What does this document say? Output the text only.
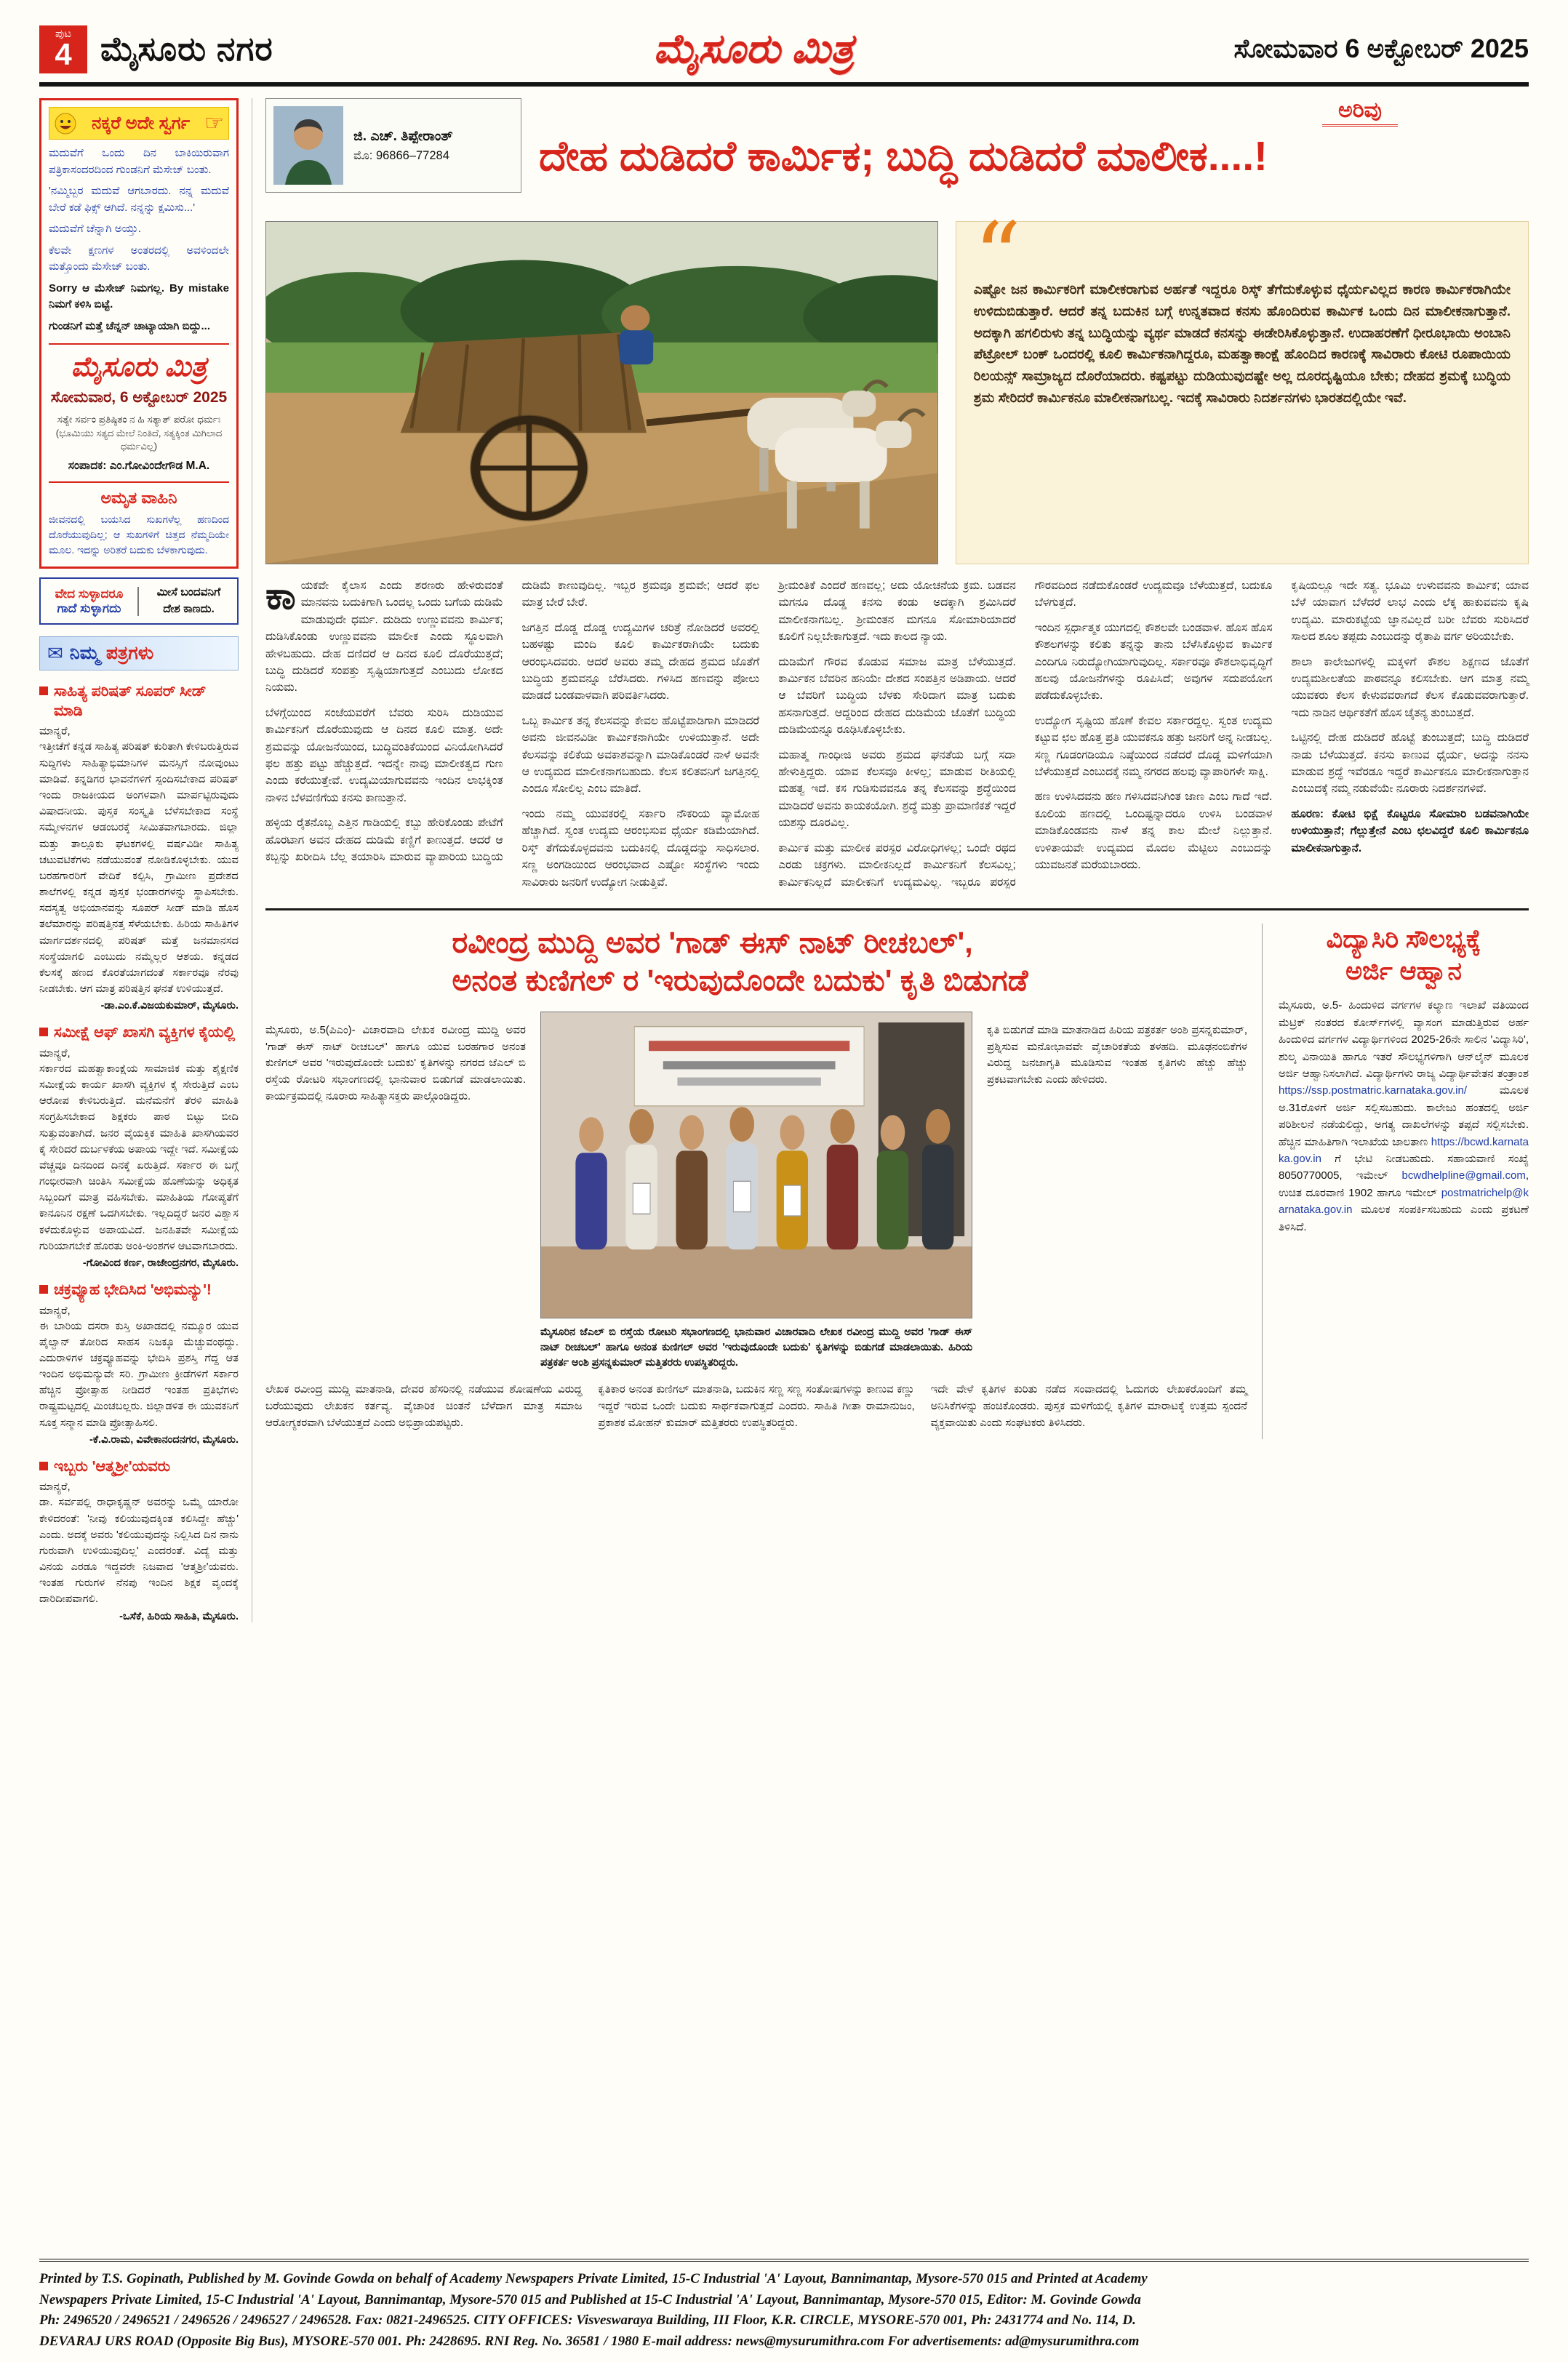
ಪುಟ
4 ಮೈಸೂರು ನಗರ	ಮೈಸೂರು ಮಿತ್ರ	ಸೋಮವಾರ 6 ಅಕ್ಟೋಬರ್ 2025
ನಕ್ಕರೆ ಅದೇ ಸ್ವರ್ಗ
☞

ಮದುವೆಗೆ ಒಂದು ದಿನ ಬಾಕಿಯಿರುವಾಗ ಪತ್ರಿಕಾಸಂದರದಿಂದ ಗುಂಡನಿಗೆ ಮೆಸೇಜ್ ಬಂತು.

'ನಮ್ಮಿಬ್ಬರ ಮದುವೆ ಆಗಬಾರದು. ನನ್ನ ಮದುವೆ ಬೇರೆ ಕಡೆ ಫಿಕ್ಸ್ ಆಗಿದೆ. ನನ್ನನ್ನು ಕ್ಷಮಿಸು...'

ಮದುವೆಗೆ ಚೆನ್ನಾಗಿ ಅಯ್ತು.

ಕೆಲವೇ ಕ್ಷಣಗಳ ಅಂತರದಲ್ಲಿ ಅವಳಿಂದಲೇ ಮತ್ತೊಂದು ಮೆಸೇಜ್ ಬಂತು.

Sorry ಆ ಮೆಸೇಜ್ ನಿಮಗಲ್ಲ. By mistake ನಿಮಗೆ ಕಳಿಸಿ ಬಿಟ್ಟೆ.

ಗುಂಡನಿಗೆ ಮತ್ತೆ ಚೆನ್ನನ್ ಚಾಟ್ಯಾಯಾಗಿ ಬಿದ್ದು...

ಮೈಸೂರು ಮಿತ್ರ
ಸೋಮವಾರ, 6 ಅಕ್ಟೋಬರ್ 2025
ಸತ್ಯೇ ಸರ್ವಂ ಪ್ರತಿಷ್ಠಿತಂ ನ ಹಿ ಸತ್ಯಾತ್ ಪರೋ ಧರ್ಮಃ
(ಭೂಮಿಯು ಸತ್ಯದ ಮೇಲೆ ನಿಂತಿದೆ, ಸತ್ಯಕ್ಕಿಂತ ಮಿಗಿಲಾದ ಧರ್ಮವಿಲ್ಲ)
ಸಂಪಾದಕ: ಎಂ.ಗೋವಿಂದೇಗೌಡ M.A.
ಅಮೃತ ವಾಹಿನಿ
ಜೀವನದಲ್ಲಿ ಬಯಸಿದ ಸುಖಗಳೆಲ್ಲ ಹಣದಿಂದ ದೊರೆಯುವುದಿಲ್ಲ; ಆ ಸುಖಗಳಿಗೆ ಚಿತ್ತದ ನೆಮ್ಮದಿಯೇ ಮೂಲ. ಇದನ್ನು ಅರಿತರೆ ಬದುಕು ಬೆಳಕಾಗುವುದು.
ವೇದ ಸುಳ್ಳಾದರೂ
ಗಾದೆ ಸುಳ್ಳಾಗದು
ಮೀಸೆ ಬಂದವನಿಗೆ
ದೇಶ ಕಾಣದು.
✉
ನಿಮ್ಮ ಪತ್ರಗಳು
ಸಾಹಿತ್ಯ ಪರಿಷತ್ ಸೂಪರ್ ಸೀಡ್ ಮಾಡಿ
ಮಾನ್ಯರೆ,
ಇತ್ತೀಚೆಗೆ ಕನ್ನಡ ಸಾಹಿತ್ಯ ಪರಿಷತ್ ಕುರಿತಾಗಿ ಕೇಳಿಬರುತ್ತಿರುವ ಸುದ್ದಿಗಳು ಸಾಹಿತ್ಯಾಭಿಮಾನಿಗಳ ಮನಸ್ಸಿಗೆ ನೋವುಂಟು ಮಾಡಿವೆ. ಕನ್ನಡಿಗರ ಭಾವನೆಗಳಿಗೆ ಸ್ಪಂದಿಸಬೇಕಾದ ಪರಿಷತ್ ಇಂದು ರಾಜಕೀಯದ ಅಂಗಳವಾಗಿ ಮಾರ್ಪಟ್ಟಿರುವುದು ವಿಷಾದನೀಯ. ಪುಸ್ತಕ ಸಂಸ್ಕೃತಿ ಬೆಳೆಸಬೇಕಾದ ಸಂಸ್ಥೆ ಸಮ್ಮೇಳನಗಳ ಆಡಂಬರಕ್ಕೆ ಸೀಮಿತವಾಗಬಾರದು. ಜಿಲ್ಲಾ ಮತ್ತು ತಾಲ್ಲೂಕು ಘಟಕಗಳಲ್ಲಿ ವರ್ಷವಿಡೀ ಸಾಹಿತ್ಯ ಚಟುವಟಿಕೆಗಳು ನಡೆಯುವಂತೆ ನೋಡಿಕೊಳ್ಳಬೇಕು. ಯುವ ಬರಹಗಾರರಿಗೆ ವೇದಿಕೆ ಕಲ್ಪಿಸಿ, ಗ್ರಾಮೀಣ ಪ್ರದೇಶದ ಶಾಲೆಗಳಲ್ಲಿ ಕನ್ನಡ ಪುಸ್ತಕ ಭಂಡಾರಗಳನ್ನು ಸ್ಥಾಪಿಸಬೇಕು. ಸದಸ್ಯತ್ವ ಅಭಿಯಾನವನ್ನು ಸೂಪರ್ ಸೀಡ್ ಮಾಡಿ ಹೊಸ ತಲೆಮಾರನ್ನು ಪರಿಷತ್ತಿನತ್ತ ಸೆಳೆಯಬೇಕು. ಹಿರಿಯ ಸಾಹಿತಿಗಳ ಮಾರ್ಗದರ್ಶನದಲ್ಲಿ ಪರಿಷತ್ ಮತ್ತೆ ಜನಮಾನಸದ ಸಂಸ್ಥೆಯಾಗಲಿ ಎಂಬುದು ನಮ್ಮೆಲ್ಲರ ಆಶಯ. ಕನ್ನಡದ ಕೆಲಸಕ್ಕೆ ಹಣದ ಕೊರತೆಯಾಗದಂತೆ ಸರ್ಕಾರವೂ ನೆರವು ನೀಡಬೇಕು. ಆಗ ಮಾತ್ರ ಪರಿಷತ್ತಿನ ಘನತೆ ಉಳಿಯುತ್ತದೆ.
-ಡಾ.ಎಂ.ಕೆ.ವಿಜಯಕುಮಾರ್, ಮೈಸೂರು.
ಸಮೀಕ್ಷೆ ಆಫ್ ಖಾಸಗಿ ವ್ಯಕ್ತಿಗಳ ಕೈಯಲ್ಲಿ
ಮಾನ್ಯರೆ,
ಸರ್ಕಾರದ ಮಹತ್ವಾಕಾಂಕ್ಷೆಯ ಸಾಮಾಜಿಕ ಮತ್ತು ಶೈಕ್ಷಣಿಕ ಸಮೀಕ್ಷೆಯ ಕಾರ್ಯ ಖಾಸಗಿ ವ್ಯಕ್ತಿಗಳ ಕೈ ಸೇರುತ್ತಿದೆ ಎಂಬ ಆರೋಪ ಕೇಳಿಬರುತ್ತಿದೆ. ಮನೆಮನೆಗೆ ತೆರಳಿ ಮಾಹಿತಿ ಸಂಗ್ರಹಿಸಬೇಕಾದ ಶಿಕ್ಷಕರು ಪಾಠ ಬಿಟ್ಟು ಬೀದಿ ಸುತ್ತುವಂತಾಗಿದೆ. ಜನರ ವೈಯಕ್ತಿಕ ಮಾಹಿತಿ ಖಾಸಗಿಯವರ ಕೈ ಸೇರಿದರೆ ದುರ್ಬಳಕೆಯ ಅಪಾಯ ಇದ್ದೇ ಇದೆ. ಸಮೀಕ್ಷೆಯ ವೆಚ್ಚವೂ ದಿನದಿಂದ ದಿನಕ್ಕೆ ಏರುತ್ತಿದೆ. ಸರ್ಕಾರ ಈ ಬಗ್ಗೆ ಗಂಭೀರವಾಗಿ ಚಿಂತಿಸಿ ಸಮೀಕ್ಷೆಯ ಹೊಣೆಯನ್ನು ಅಧಿಕೃತ ಸಿಬ್ಬಂದಿಗೆ ಮಾತ್ರ ವಹಿಸಬೇಕು. ಮಾಹಿತಿಯ ಗೋಪ್ಯತೆಗೆ ಕಾನೂನಿನ ರಕ್ಷಣೆ ಒದಗಿಸಬೇಕು. ಇಲ್ಲದಿದ್ದರೆ ಜನರ ವಿಶ್ವಾಸ ಕಳೆದುಕೊಳ್ಳುವ ಅಪಾಯವಿದೆ. ಜನಹಿತವೇ ಸಮೀಕ್ಷೆಯ ಗುರಿಯಾಗಬೇಕೆ ಹೊರತು ಅಂಕಿ-ಅಂಶಗಳ ಆಟವಾಗಬಾರದು.
-ಗೋವಿಂದ ಕರ್ಣ, ರಾಜೇಂದ್ರನಗರ, ಮೈಸೂರು.
ಚಕ್ರವ್ಯೂಹ ಭೇದಿಸಿದ 'ಅಭಿಮನ್ಯು'!
ಮಾನ್ಯರೆ,
ಈ ಬಾರಿಯ ದಸರಾ ಕುಸ್ತಿ ಅಖಾಡದಲ್ಲಿ ನಮ್ಮೂರ ಯುವ ಪೈಲ್ವಾನ್ ತೋರಿದ ಸಾಹಸ ನಿಜಕ್ಕೂ ಮೆಚ್ಚುವಂಥದ್ದು. ಎದುರಾಳಿಗಳ ಚಕ್ರವ್ಯೂಹವನ್ನು ಭೇದಿಸಿ ಪ್ರಶಸ್ತಿ ಗೆದ್ದ ಆತ ಇಂದಿನ ಅಭಿಮನ್ಯುವೇ ಸರಿ. ಗ್ರಾಮೀಣ ಕ್ರೀಡೆಗಳಿಗೆ ಸರ್ಕಾರ ಹೆಚ್ಚಿನ ಪ್ರೋತ್ಸಾಹ ನೀಡಿದರೆ ಇಂತಹ ಪ್ರತಿಭೆಗಳು ರಾಷ್ಟ್ರಮಟ್ಟದಲ್ಲಿ ಮಿಂಚಬಲ್ಲರು. ಜಿಲ್ಲಾಡಳಿತ ಈ ಯುವಕನಿಗೆ ಸೂಕ್ತ ಸನ್ಮಾನ ಮಾಡಿ ಪ್ರೋತ್ಸಾಹಿಸಲಿ.
-ಕೆ.ವಿ.ರಾಮ, ವಿವೇಕಾನಂದನಗರ, ಮೈಸೂರು.
ಇಬ್ಬರು 'ಆತ್ಮಶ್ರೀ'ಯವರು
ಮಾನ್ಯರೆ,
ಡಾ. ಸರ್ವಪಲ್ಲಿ ರಾಧಾಕೃಷ್ಣನ್ ಅವರನ್ನು ಒಮ್ಮೆ ಯಾರೋ ಕೇಳಿದರಂತೆ: 'ನೀವು ಕಲಿಯುವುದಕ್ಕಿಂತ ಕಲಿಸಿದ್ದೇ ಹೆಚ್ಚು' ಎಂದು. ಅದಕ್ಕೆ ಅವರು 'ಕಲಿಯುವುದನ್ನು ನಿಲ್ಲಿಸಿದ ದಿನ ನಾನು ಗುರುವಾಗಿ ಉಳಿಯುವುದಿಲ್ಲ' ಎಂದರಂತೆ. ವಿದ್ಯೆ ಮತ್ತು ವಿನಯ ಎರಡೂ ಇದ್ದವರೇ ನಿಜವಾದ 'ಆತ್ಮಶ್ರೀ'ಯವರು. ಇಂತಹ ಗುರುಗಳ ನೆನಪು ಇಂದಿನ ಶಿಕ್ಷಕ ವೃಂದಕ್ಕೆ ದಾರಿದೀಪವಾಗಲಿ.
-ಒಸೆಕೆ, ಹಿರಿಯ ಸಾಹಿತಿ, ಮೈಸೂರು.
ಜಿ. ಎಚ್. ತಿಪ್ಪೇರಾಂತ್
ಮೊ: 96866–77284
ಅರಿವು
ದೇಹ ದುಡಿದರೆ ಕಾರ್ಮಿಕ; ಬುದ್ಧಿ ದುಡಿದರೆ ಮಾಲೀಕ....!
“
ಎಷ್ಟೋ ಜನ ಕಾರ್ಮಿಕರಿಗೆ ಮಾಲೀಕರಾಗುವ ಅರ್ಹತೆ ಇದ್ದರೂ ರಿಸ್ಕ್ ತೆಗೆದುಕೊಳ್ಳುವ ಧೈರ್ಯವಿಲ್ಲದ ಕಾರಣ ಕಾರ್ಮಿಕರಾಗಿಯೇ ಉಳಿದುಬಿಡುತ್ತಾರೆ. ಆದರೆ ತನ್ನ ಬದುಕಿನ ಬಗ್ಗೆ ಉನ್ನತವಾದ ಕನಸು ಹೊಂದಿರುವ ಕಾರ್ಮಿಕ ಒಂದು ದಿನ ಮಾಲೀಕನಾಗುತ್ತಾನೆ. ಅದಕ್ಕಾಗಿ ಹಗಲಿರುಳು ತನ್ನ ಬುದ್ಧಿಯನ್ನು ವ್ಯರ್ಥ ಮಾಡದೆ ಕನಸನ್ನು ಈಡೇರಿಸಿಕೊಳ್ಳುತ್ತಾನೆ. ಉದಾಹರಣೆಗೆ ಧೀರೂಭಾಯಿ ಅಂಬಾನಿ ಪೆಟ್ರೋಲ್ ಬಂಕ್ ಒಂದರಲ್ಲಿ ಕೂಲಿ ಕಾರ್ಮಿಕನಾಗಿದ್ದರೂ, ಮಹತ್ವಾಕಾಂಕ್ಷೆ ಹೊಂದಿದ ಕಾರಣಕ್ಕೆ ಸಾವಿರಾರು ಕೋಟಿ ರೂಪಾಯಿಯ ರಿಲಯನ್ಸ್ ಸಾಮ್ರಾಜ್ಯದ ದೊರೆಯಾದರು. ಕಷ್ಟಪಟ್ಟು ದುಡಿಯುವುದಷ್ಟೇ ಅಲ್ಲ ದೂರದೃಷ್ಟಿಯೂ ಬೇಕು; ದೇಹದ ಶ್ರಮಕ್ಕೆ ಬುದ್ಧಿಯ ಶ್ರಮ ಸೇರಿದರೆ ಕಾರ್ಮಿಕನೂ ಮಾಲೀಕನಾಗಬಲ್ಲ. ಇದಕ್ಕೆ ಸಾವಿರಾರು ನಿದರ್ಶನಗಳು ಭಾರತದಲ್ಲಿಯೇ ಇವೆ.

ಕಾಯಕವೇ ಕೈಲಾಸ ಎಂದು ಶರಣರು ಹೇಳಿರುವಂತೆ ಮಾನವನು ಬದುಕಿಗಾಗಿ ಒಂದಲ್ಲ ಒಂದು ಬಗೆಯ ದುಡಿಮೆ ಮಾಡುವುದೇ ಧರ್ಮ. ದುಡಿದು ಉಣ್ಣುವವನು ಕಾರ್ಮಿಕ; ದುಡಿಸಿಕೊಂಡು ಉಣ್ಣುವವನು ಮಾಲೀಕ ಎಂದು ಸ್ಥೂಲವಾಗಿ ಹೇಳಬಹುದು. ದೇಹ ದಣಿದರೆ ಆ ದಿನದ ಕೂಲಿ ದೊರೆಯುತ್ತದೆ; ಬುದ್ಧಿ ದುಡಿದರೆ ಸಂಪತ್ತು ಸೃಷ್ಟಿಯಾಗುತ್ತದೆ ಎಂಬುದು ಲೋಕದ ನಿಯಮ.

ಬೆಳಗ್ಗೆಯಿಂದ ಸಂಜೆಯವರೆಗೆ ಬೆವರು ಸುರಿಸಿ ದುಡಿಯುವ ಕಾರ್ಮಿಕನಿಗೆ ದೊರೆಯುವುದು ಆ ದಿನದ ಕೂಲಿ ಮಾತ್ರ. ಅದೇ ಶ್ರಮವನ್ನು ಯೋಜನೆಯಿಂದ, ಬುದ್ಧಿವಂತಿಕೆಯಿಂದ ವಿನಿಯೋಗಿಸಿದರೆ ಫಲ ಹತ್ತು ಪಟ್ಟು ಹೆಚ್ಚುತ್ತದೆ. ಇದನ್ನೇ ನಾವು ಮಾಲೀಕತ್ವದ ಗುಣ ಎಂದು ಕರೆಯುತ್ತೇವೆ. ಉದ್ಯಮಿಯಾಗುವವನು ಇಂದಿನ ಲಾಭಕ್ಕಿಂತ ನಾಳಿನ ಬೆಳವಣಿಗೆಯ ಕನಸು ಕಾಣುತ್ತಾನೆ.

ಹಳ್ಳಿಯ ರೈತನೊಬ್ಬ ಎತ್ತಿನ ಗಾಡಿಯಲ್ಲಿ ಕಬ್ಬು ಹೇರಿಕೊಂಡು ಪೇಟೆಗೆ ಹೊರಟಾಗ ಅವನ ದೇಹದ ದುಡಿಮೆ ಕಣ್ಣಿಗೆ ಕಾಣುತ್ತದೆ. ಆದರೆ ಆ ಕಬ್ಬನ್ನು ಖರೀದಿಸಿ ಬೆಲ್ಲ ತಯಾರಿಸಿ ಮಾರುವ ವ್ಯಾಪಾರಿಯ ಬುದ್ಧಿಯ ದುಡಿಮೆ ಕಾಣುವುದಿಲ್ಲ. ಇಬ್ಬರ ಶ್ರಮವೂ ಶ್ರಮವೇ; ಆದರೆ ಫಲ ಮಾತ್ರ ಬೇರೆ ಬೇರೆ.

ಜಗತ್ತಿನ ದೊಡ್ಡ ದೊಡ್ಡ ಉದ್ಯಮಿಗಳ ಚರಿತ್ರೆ ನೋಡಿದರೆ ಅವರಲ್ಲಿ ಬಹಳಷ್ಟು ಮಂದಿ ಕೂಲಿ ಕಾರ್ಮಿಕರಾಗಿಯೇ ಬದುಕು ಆರಂಭಿಸಿದವರು. ಆದರೆ ಅವರು ತಮ್ಮ ದೇಹದ ಶ್ರಮದ ಜೊತೆಗೆ ಬುದ್ಧಿಯ ಶ್ರಮವನ್ನೂ ಬೆರೆಸಿದರು. ಗಳಿಸಿದ ಹಣವನ್ನು ಪೋಲು ಮಾಡದೆ ಬಂಡವಾಳವಾಗಿ ಪರಿವರ್ತಿಸಿದರು.

ಒಬ್ಬ ಕಾರ್ಮಿಕ ತನ್ನ ಕೆಲಸವನ್ನು ಕೇವಲ ಹೊಟ್ಟೆಪಾಡಿಗಾಗಿ ಮಾಡಿದರೆ ಅವನು ಜೀವನವಿಡೀ ಕಾರ್ಮಿಕನಾಗಿಯೇ ಉಳಿಯುತ್ತಾನೆ. ಅದೇ ಕೆಲಸವನ್ನು ಕಲಿಕೆಯ ಅವಕಾಶವನ್ನಾಗಿ ಮಾಡಿಕೊಂಡರೆ ನಾಳೆ ಅವನೇ ಆ ಉದ್ಯಮದ ಮಾಲೀಕನಾಗಬಹುದು. ಕೆಲಸ ಕಲಿತವನಿಗೆ ಜಗತ್ತಿನಲ್ಲಿ ಎಂದೂ ಸೋಲಿಲ್ಲ ಎಂಬ ಮಾತಿದೆ.

ಇಂದು ನಮ್ಮ ಯುವಕರಲ್ಲಿ ಸರ್ಕಾರಿ ನೌಕರಿಯ ವ್ಯಾಮೋಹ ಹೆಚ್ಚಾಗಿದೆ. ಸ್ವಂತ ಉದ್ಯಮ ಆರಂಭಿಸುವ ಧೈರ್ಯ ಕಡಿಮೆಯಾಗಿದೆ. ರಿಸ್ಕ್ ತೆಗೆದುಕೊಳ್ಳದವನು ಬದುಕಿನಲ್ಲಿ ದೊಡ್ಡದನ್ನು ಸಾಧಿಸಲಾರ. ಸಣ್ಣ ಅಂಗಡಿಯಿಂದ ಆರಂಭವಾದ ಎಷ್ಟೋ ಸಂಸ್ಥೆಗಳು ಇಂದು ಸಾವಿರಾರು ಜನರಿಗೆ ಉದ್ಯೋಗ ನೀಡುತ್ತಿವೆ.

ಶ್ರೀಮಂತಿಕೆ ಎಂದರೆ ಹಣವಲ್ಲ; ಅದು ಯೋಚನೆಯ ಕ್ರಮ. ಬಡವನ ಮಗನೂ ದೊಡ್ಡ ಕನಸು ಕಂಡು ಅದಕ್ಕಾಗಿ ಶ್ರಮಿಸಿದರೆ ಮಾಲೀಕನಾಗಬಲ್ಲ. ಶ್ರೀಮಂತನ ಮಗನೂ ಸೋಮಾರಿಯಾದರೆ ಕೂಲಿಗೆ ನಿಲ್ಲಬೇಕಾಗುತ್ತದೆ. ಇದು ಕಾಲದ ನ್ಯಾಯ.

ದುಡಿಮೆಗೆ ಗೌರವ ಕೊಡುವ ಸಮಾಜ ಮಾತ್ರ ಬೆಳೆಯುತ್ತದೆ. ಕಾರ್ಮಿಕನ ಬೆವರಿನ ಹನಿಯೇ ದೇಶದ ಸಂಪತ್ತಿನ ಅಡಿಪಾಯ. ಆದರೆ ಆ ಬೆವರಿಗೆ ಬುದ್ಧಿಯ ಬೆಳಕು ಸೇರಿದಾಗ ಮಾತ್ರ ಬದುಕು ಹಸನಾಗುತ್ತದೆ. ಆದ್ದರಿಂದ ದೇಹದ ದುಡಿಮೆಯ ಜೊತೆಗೆ ಬುದ್ಧಿಯ ದುಡಿಮೆಯನ್ನೂ ರೂಢಿಸಿಕೊಳ್ಳಬೇಕು.

ಮಹಾತ್ಮ ಗಾಂಧೀಜಿ ಅವರು ಶ್ರಮದ ಘನತೆಯ ಬಗ್ಗೆ ಸದಾ ಹೇಳುತ್ತಿದ್ದರು. ಯಾವ ಕೆಲಸವೂ ಕೀಳಲ್ಲ; ಮಾಡುವ ರೀತಿಯಲ್ಲಿ ಮಹತ್ವ ಇದೆ. ಕಸ ಗುಡಿಸುವವನೂ ತನ್ನ ಕೆಲಸವನ್ನು ಶ್ರದ್ಧೆಯಿಂದ ಮಾಡಿದರೆ ಅವನು ಕಾಯಕಯೋಗಿ. ಶ್ರದ್ಧೆ ಮತ್ತು ಪ್ರಾಮಾಣಿಕತೆ ಇದ್ದರೆ ಯಶಸ್ಸು ದೂರವಿಲ್ಲ.

ಕಾರ್ಮಿಕ ಮತ್ತು ಮಾಲೀಕ ಪರಸ್ಪರ ವಿರೋಧಿಗಳಲ್ಲ; ಒಂದೇ ರಥದ ಎರಡು ಚಕ್ರಗಳು. ಮಾಲೀಕನಿಲ್ಲದೆ ಕಾರ್ಮಿಕನಿಗೆ ಕೆಲಸವಿಲ್ಲ; ಕಾರ್ಮಿಕನಿಲ್ಲದೆ ಮಾಲೀಕನಿಗೆ ಉದ್ಯಮವಿಲ್ಲ. ಇಬ್ಬರೂ ಪರಸ್ಪರ ಗೌರವದಿಂದ ನಡೆದುಕೊಂಡರೆ ಉದ್ಯಮವೂ ಬೆಳೆಯುತ್ತದೆ, ಬದುಕೂ ಬೆಳಗುತ್ತದೆ.

ಇಂದಿನ ಸ್ಪರ್ಧಾತ್ಮಕ ಯುಗದಲ್ಲಿ ಕೌಶಲವೇ ಬಂಡವಾಳ. ಹೊಸ ಹೊಸ ಕೌಶಲಗಳನ್ನು ಕಲಿತು ತನ್ನನ್ನು ತಾನು ಬೆಳೆಸಿಕೊಳ್ಳುವ ಕಾರ್ಮಿಕ ಎಂದಿಗೂ ನಿರುದ್ಯೋಗಿಯಾಗುವುದಿಲ್ಲ. ಸರ್ಕಾರವೂ ಕೌಶಲಾಭಿವೃದ್ಧಿಗೆ ಹಲವು ಯೋಜನೆಗಳನ್ನು ರೂಪಿಸಿದೆ; ಅವುಗಳ ಸದುಪಯೋಗ ಪಡೆದುಕೊಳ್ಳಬೇಕು.

ಉದ್ಯೋಗ ಸೃಷ್ಟಿಯ ಹೊಣೆ ಕೇವಲ ಸರ್ಕಾರದ್ದಲ್ಲ. ಸ್ವಂತ ಉದ್ಯಮ ಕಟ್ಟುವ ಛಲ ಹೊತ್ತ ಪ್ರತಿ ಯುವಕನೂ ಹತ್ತು ಜನರಿಗೆ ಅನ್ನ ನೀಡಬಲ್ಲ. ಸಣ್ಣ ಗೂಡಂಗಡಿಯೂ ನಿಷ್ಠೆಯಿಂದ ನಡೆದರೆ ದೊಡ್ಡ ಮಳಿಗೆಯಾಗಿ ಬೆಳೆಯುತ್ತದೆ ಎಂಬುದಕ್ಕೆ ನಮ್ಮ ನಗರದ ಹಲವು ವ್ಯಾಪಾರಿಗಳೇ ಸಾಕ್ಷಿ.

ಹಣ ಉಳಿಸಿದವನು ಹಣ ಗಳಿಸಿದವನಿಗಿಂತ ಜಾಣ ಎಂಬ ಗಾದೆ ಇದೆ. ಕೂಲಿಯ ಹಣದಲ್ಲಿ ಒಂದಿಷ್ಟನ್ನಾದರೂ ಉಳಿಸಿ ಬಂಡವಾಳ ಮಾಡಿಕೊಂಡವನು ನಾಳೆ ತನ್ನ ಕಾಲ ಮೇಲೆ ನಿಲ್ಲುತ್ತಾನೆ. ಉಳಿತಾಯವೇ ಉದ್ಯಮದ ಮೊದಲ ಮೆಟ್ಟಿಲು ಎಂಬುದನ್ನು ಯುವಜನತೆ ಮರೆಯಬಾರದು.

ಕೃಷಿಯಲ್ಲೂ ಇದೇ ಸತ್ಯ. ಭೂಮಿ ಉಳುವವನು ಕಾರ್ಮಿಕ; ಯಾವ ಬೆಳೆ ಯಾವಾಗ ಬೆಳೆದರೆ ಲಾಭ ಎಂದು ಲೆಕ್ಕ ಹಾಕುವವನು ಕೃಷಿ ಉದ್ಯಮಿ. ಮಾರುಕಟ್ಟೆಯ ಜ್ಞಾನವಿಲ್ಲದೆ ಬರೀ ಬೆವರು ಸುರಿಸಿದರೆ ಸಾಲದ ಶೂಲ ತಪ್ಪದು ಎಂಬುದನ್ನು ರೈತಾಪಿ ವರ್ಗ ಅರಿಯಬೇಕು.

ಶಾಲಾ ಕಾಲೇಜುಗಳಲ್ಲಿ ಮಕ್ಕಳಿಗೆ ಕೌಶಲ ಶಿಕ್ಷಣದ ಜೊತೆಗೆ ಉದ್ಯಮಶೀಲತೆಯ ಪಾಠವನ್ನೂ ಕಲಿಸಬೇಕು. ಆಗ ಮಾತ್ರ ನಮ್ಮ ಯುವಕರು ಕೆಲಸ ಕೇಳುವವರಾಗದೆ ಕೆಲಸ ಕೊಡುವವರಾಗುತ್ತಾರೆ. ಇದು ನಾಡಿನ ಆರ್ಥಿಕತೆಗೆ ಹೊಸ ಚೈತನ್ಯ ತುಂಬುತ್ತದೆ.

ಒಟ್ಟಿನಲ್ಲಿ ದೇಹ ದುಡಿದರೆ ಹೊಟ್ಟೆ ತುಂಬುತ್ತದೆ; ಬುದ್ಧಿ ದುಡಿದರೆ ನಾಡು ಬೆಳೆಯುತ್ತದೆ. ಕನಸು ಕಾಣುವ ಧೈರ್ಯ, ಅದನ್ನು ನನಸು ಮಾಡುವ ಶ್ರದ್ಧೆ ಇವೆರಡೂ ಇದ್ದರೆ ಕಾರ್ಮಿಕನೂ ಮಾಲೀಕನಾಗುತ್ತಾನ ಎಂಬುದಕ್ಕೆ ನಮ್ಮ ನಡುವೆಯೇ ನೂರಾರು ನಿದರ್ಶನಗಳಿವೆ.

ಹೂರಣ: ಕೋಟಿ ಭಿಕ್ಷೆ ಕೊಟ್ಟರೂ ಸೋಮಾರಿ ಬಡವನಾಗಿಯೇ ಉಳಿಯುತ್ತಾನೆ; ಗೆಲ್ಲುತ್ತೇನೆ ಎಂಬ ಛಲವಿದ್ದರೆ ಕೂಲಿ ಕಾರ್ಮಿಕನೂ ಮಾಲೀಕನಾಗುತ್ತಾನೆ.

ರವೀಂದ್ರ ಮುದ್ದಿ ಅವರ 'ಗಾಡ್ ಈಸ್ ನಾಟ್ ರೀಚಬಲ್',
ಅನಂತ ಕುಣಿಗಲ್ ರ 'ಇರುವುದೊಂದೇ ಬದುಕು' ಕೃತಿ ಬಿಡುಗಡೆ

ಮೈಸೂರು, ಅ.5(ಪಿಎಂ)- ವಿಚಾರವಾದಿ ಲೇಖಕ ರವೀಂದ್ರ ಮುದ್ದಿ ಅವರ 'ಗಾಡ್ ಈಸ್ ನಾಟ್ ರೀಚಬಲ್' ಹಾಗೂ ಯುವ ಬರಹಗಾರ ಅನಂತ ಕುಣಿಗಲ್ ಅವರ 'ಇರುವುದೊಂದೇ ಬದುಕು' ಕೃತಿಗಳನ್ನು ನಗರದ ಜೆಎಲ್ ಬಿ ರಸ್ತೆಯ ರೋಟರಿ ಸಭಾಂಗಣದಲ್ಲಿ ಭಾನುವಾರ ಬಿಡುಗಡೆ ಮಾಡಲಾಯಿತು. ಕಾರ್ಯಕ್ರಮದಲ್ಲಿ ನೂರಾರು ಸಾಹಿತ್ಯಾಸಕ್ತರು ಪಾಲ್ಗೊಂಡಿದ್ದರು.

ಮೈಸೂರಿನ ಜೆಎಲ್ ಬಿ ರಸ್ತೆಯ ರೋಟರಿ ಸಭಾಂಗಣದಲ್ಲಿ ಭಾನುವಾರ ವಿಚಾರವಾದಿ ಲೇಖಕ ರವೀಂದ್ರ ಮುದ್ದಿ ಅವರ 'ಗಾಡ್ ಈಸ್ ನಾಟ್ ರೀಚಬಲ್' ಹಾಗೂ ಅನಂತ ಕುಣಿಗಲ್ ಅವರ 'ಇರುವುದೊಂದೇ ಬದುಕು' ಕೃತಿಗಳನ್ನು ಬಿಡುಗಡೆ ಮಾಡಲಾಯಿತು. ಹಿರಿಯ ಪತ್ರಕರ್ತ ಅಂಶಿ ಪ್ರಸನ್ನಕುಮಾರ್ ಮತ್ತಿತರರು ಉಪಸ್ಥಿತರಿದ್ದರು.

ಕೃತಿ ಬಿಡುಗಡೆ ಮಾಡಿ ಮಾತನಾಡಿದ ಹಿರಿಯ ಪತ್ರಕರ್ತ ಅಂಶಿ ಪ್ರಸನ್ನಕುಮಾರ್, ಪ್ರಶ್ನಿಸುವ ಮನೋಭಾವವೇ ವೈಚಾರಿಕತೆಯ ತಳಹದಿ. ಮೂಢನಂಬಿಕೆಗಳ ವಿರುದ್ಧ ಜನಜಾಗೃತಿ ಮೂಡಿಸುವ ಇಂತಹ ಕೃತಿಗಳು ಹೆಚ್ಚು ಹೆಚ್ಚು ಪ್ರಕಟವಾಗಬೇಕು ಎಂದು ಹೇಳಿದರು.

ಲೇಖಕ ರವೀಂದ್ರ ಮುದ್ದಿ ಮಾತನಾಡಿ, ದೇವರ ಹೆಸರಿನಲ್ಲಿ ನಡೆಯುವ ಶೋಷಣೆಯ ವಿರುದ್ಧ ಬರೆಯುವುದು ಲೇಖಕನ ಕರ್ತವ್ಯ. ವೈಚಾರಿಕ ಚಿಂತನೆ ಬೆಳೆದಾಗ ಮಾತ್ರ ಸಮಾಜ ಆರೋಗ್ಯಕರವಾಗಿ ಬೆಳೆಯುತ್ತದೆ ಎಂದು ಅಭಿಪ್ರಾಯಪಟ್ಟರು.

ಕೃತಿಕಾರ ಅನಂತ ಕುಣಿಗಲ್ ಮಾತನಾಡಿ, ಬದುಕಿನ ಸಣ್ಣ ಸಣ್ಣ ಸಂತೋಷಗಳನ್ನು ಕಾಣುವ ಕಣ್ಣು ಇದ್ದರೆ ಇರುವ ಒಂದೇ ಬದುಕು ಸಾರ್ಥಕವಾಗುತ್ತದೆ ಎಂದರು. ಸಾಹಿತಿ ಗೀತಾ ರಾಮಾನುಜಂ, ಪ್ರಕಾಶಕ ಮೋಹನ್ ಕುಮಾರ್ ಮತ್ತಿತರರು ಉಪಸ್ಥಿತರಿದ್ದರು.

ಇದೇ ವೇಳೆ ಕೃತಿಗಳ ಕುರಿತು ನಡೆದ ಸಂವಾದದಲ್ಲಿ ಓದುಗರು ಲೇಖಕರೊಂದಿಗೆ ತಮ್ಮ ಅನಿಸಿಕೆಗಳನ್ನು ಹಂಚಿಕೊಂಡರು. ಪುಸ್ತಕ ಮಳಿಗೆಯಲ್ಲಿ ಕೃತಿಗಳ ಮಾರಾಟಕ್ಕೆ ಉತ್ತಮ ಸ್ಪಂದನೆ ವ್ಯಕ್ತವಾಯಿತು ಎಂದು ಸಂಘಟಕರು ತಿಳಿಸಿದರು.

ವಿದ್ಯಾಸಿರಿ ಸೌಲಭ್ಯಕ್ಕೆ
ಅರ್ಜಿ ಆಹ್ವಾನ

ಮೈಸೂರು, ಅ.5- ಹಿಂದುಳಿದ ವರ್ಗಗಳ ಕಲ್ಯಾಣ ಇಲಾಖೆ ವತಿಯಿಂದ ಮೆಟ್ರಿಕ್ ನಂತರದ ಕೋರ್ಸ್‌ಗಳಲ್ಲಿ ವ್ಯಾಸಂಗ ಮಾಡುತ್ತಿರುವ ಅರ್ಹ ಹಿಂದುಳಿದ ವರ್ಗಗಳ ವಿದ್ಯಾರ್ಥಿಗಳಿಂದ 2025-26ನೇ ಸಾಲಿನ 'ವಿದ್ಯಾಸಿರಿ', ಶುಲ್ಕ ವಿನಾಯಿತಿ ಹಾಗೂ ಇತರೆ ಸೌಲಭ್ಯಗಳಿಗಾಗಿ ಆನ್‌ಲೈನ್ ಮೂಲಕ ಅರ್ಜಿ ಆಹ್ವಾನಿಸಲಾಗಿದೆ. ವಿದ್ಯಾರ್ಥಿಗಳು ರಾಜ್ಯ ವಿದ್ಯಾರ್ಥಿವೇತನ ತಂತ್ರಾಂಶ https://ssp.postmatric.karnataka.gov.in/ ಮೂಲಕ ಅ.31ರೊಳಗೆ ಅರ್ಜಿ ಸಲ್ಲಿಸಬಹುದು. ಕಾಲೇಜು ಹಂತದಲ್ಲಿ ಅರ್ಜಿ ಪರಿಶೀಲನೆ ನಡೆಯಲಿದ್ದು, ಅಗತ್ಯ ದಾಖಲೆಗಳನ್ನು ತಪ್ಪದೆ ಸಲ್ಲಿಸಬೇಕು. ಹೆಚ್ಚಿನ ಮಾಹಿತಿಗಾಗಿ ಇಲಾಖೆಯ ಜಾಲತಾಣ https://bcwd.karnataka.gov.in ಗೆ ಭೇಟಿ ನೀಡಬಹುದು. ಸಹಾಯವಾಣಿ ಸಂಖ್ಯೆ 8050770005, ಇಮೇಲ್ bcwdhelpline@gmail.com, ಉಚಿತ ದೂರವಾಣಿ 1902 ಹಾಗೂ ಇಮೇಲ್ postmatrichelp@karnataka.gov.in ಮೂಲಕ ಸಂಪರ್ಕಿಸಬಹುದು ಎಂದು ಪ್ರಕಟಣೆ ತಿಳಿಸಿದೆ.

Printed by T.S. Gopinath, Published by M. Govinde Gowda on behalf of Academy Newspapers Private Limited, 15-C Industrial 'A' Layout, Bannimantap, Mysore-570 015 and Printed at Academy
Newspapers Private Limited, 15-C Industrial 'A' Layout, Bannimantap, Mysore-570 015 and Published at 15-C Industrial 'A' Layout, Bannimantap, Mysore-570 015, Editor: M. Govinde Gowda
Ph: 2496520 / 2496521 / 2496526 / 2496527 / 2496528. Fax: 0821-2496525. CITY OFFICES: Visveswaraya Building, III Floor, K.R. CIRCLE, MYSORE-570 001, Ph: 2431774 and No. 114, D.
DEVARAJ URS ROAD (Opposite Big Bus), MYSORE-570 001. Ph: 2428695. RNI Reg. No. 36581 / 1980 E-mail address: news@mysurumithra.com For advertisements: ad@mysurumithra.com
